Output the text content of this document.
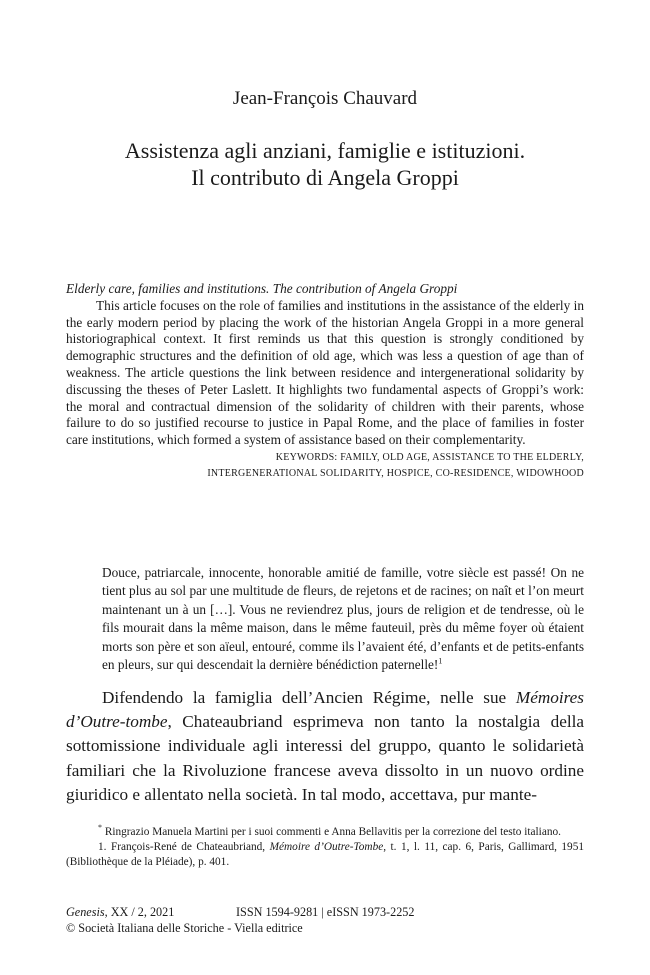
Jean-François Chauvard
Assistenza agli anziani, famiglie e istituzioni.
Il contributo di Angela Groppi
Elderly care, families and institutions. The contribution of Angela Groppi
This article focuses on the role of families and institutions in the assistance of the elderly in the early modern period by placing the work of the historian Angela Groppi in a more general historiographical context. It first reminds us that this question is strongly conditioned by demographic structures and the definition of old age, which was less a question of age than of weakness. The article questions the link between residence and intergenerational solidarity by discussing the theses of Peter Laslett. It highlights two fundamental aspects of Groppi’s work: the moral and contractual dimension of the solidarity of children with their parents, whose failure to do so justified recourse to justice in Papal Rome, and the place of families in foster care institutions, which formed a system of assistance based on their complementarity.
KEYWORDS: FAMILY, OLD AGE, ASSISTANCE TO THE ELDERLY,
INTERGENERATIONAL SOLIDARITY, HOSPICE, CO-RESIDENCE, WIDOWHOOD
Douce, patriarcale, innocente, honorable amitié de famille, votre siècle est passé! On ne tient plus au sol par une multitude de fleurs, de rejetons et de racines; on naît et l’on meurt maintenant un à un […]. Vous ne reviendrez plus, jours de religion et de tendresse, où le fils mourait dans la même maison, dans le même fauteuil, près du même foyer où étaient morts son père et son aïeul, entouré, comme ils l’avaient été, d’enfants et de petits-enfants en pleurs, sur qui descendait la dernière bénédiction paternelle!$^1$
Difendendo la famiglia dell’Ancien Régime, nelle sue Mémoires d’Outre-tombe, Chateaubriand esprimeva non tanto la nostalgia della sottomissione individuale agli interessi del gruppo, quanto le solidarietà familiari che la Rivoluzione francese aveva dissolto in un nuovo ordine giuridico e allentato nella società. In tal modo, accettava, pur mante-
* Ringrazio Manuela Martini per i suoi commenti e Anna Bellavitis per la correzione del testo italiano.
1. François-René de Chateaubriand, Mémoire d’Outre-Tombe, t. 1, l. 11, cap. 6, Paris, Gallimard, 1951 (Bibliothèque de la Pléiade), p. 401.
Genesis, XX / 2, 2021	ISSN 1594-9281 | eISSN 1973-2252
© Società Italiana delle Storiche - Viella editrice
